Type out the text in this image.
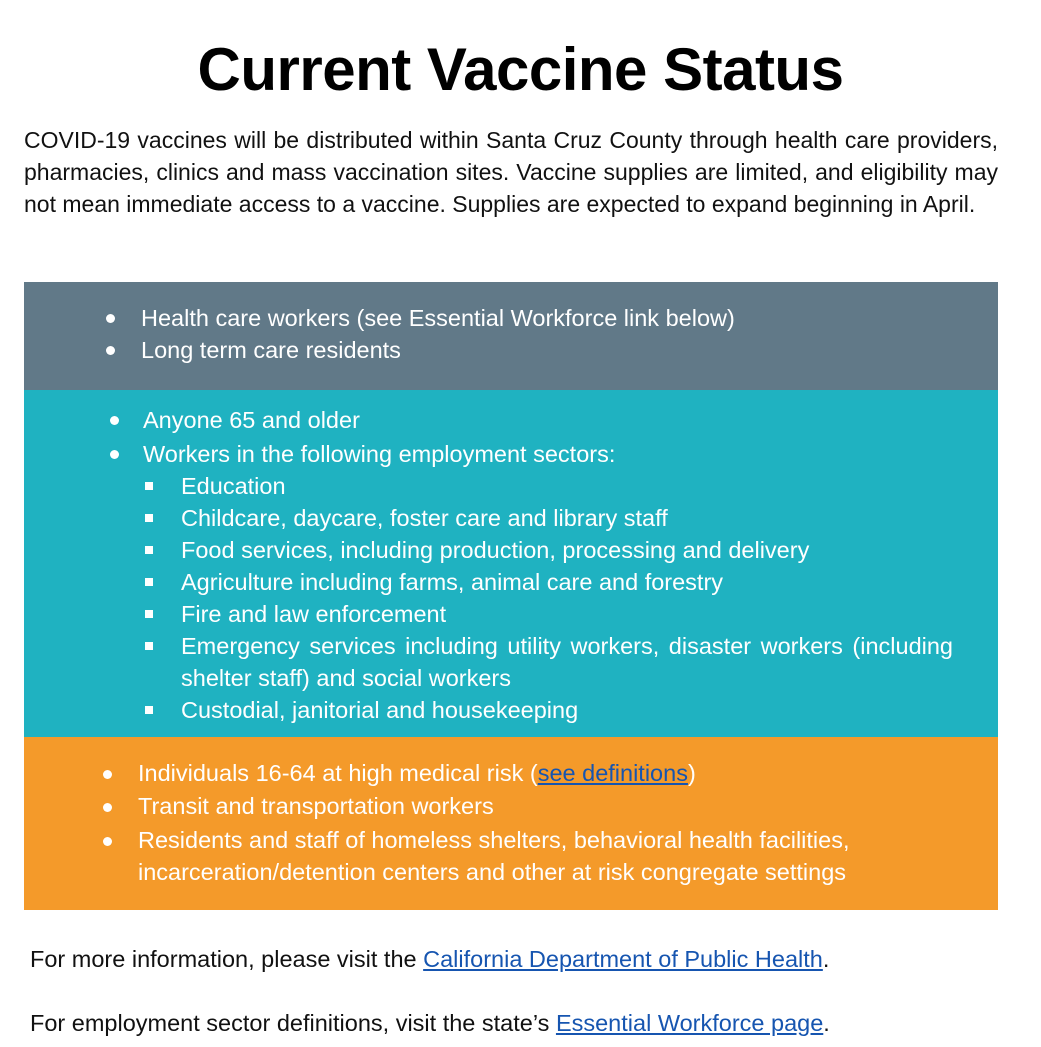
Current Vaccine Status
COVID-19 vaccines will be distributed within Santa Cruz County through health care providers, pharmacies, clinics and mass vaccination sites. Vaccine supplies are limited, and eligibility may not mean immediate access to a vaccine. Supplies are expected to expand beginning in April.
Health care workers (see Essential Workforce link below)
Long term care residents
Anyone 65 and older
Workers in the following employment sectors:
Education
Childcare, daycare, foster care and library staff
Food services, including production, processing and delivery
Agriculture including farms, animal care and forestry
Fire and law enforcement
Emergency services including utility workers, disaster workers (including shelter staff) and social workers
Custodial, janitorial and housekeeping
Individuals 16-64 at high medical risk (see definitions)
Transit and transportation workers
Residents and staff of homeless shelters, behavioral health facilities, incarceration/detention centers and other at risk congregate settings
For more information, please visit the California Department of Public Health.
For employment sector definitions, visit the state’s Essential Workforce page.
